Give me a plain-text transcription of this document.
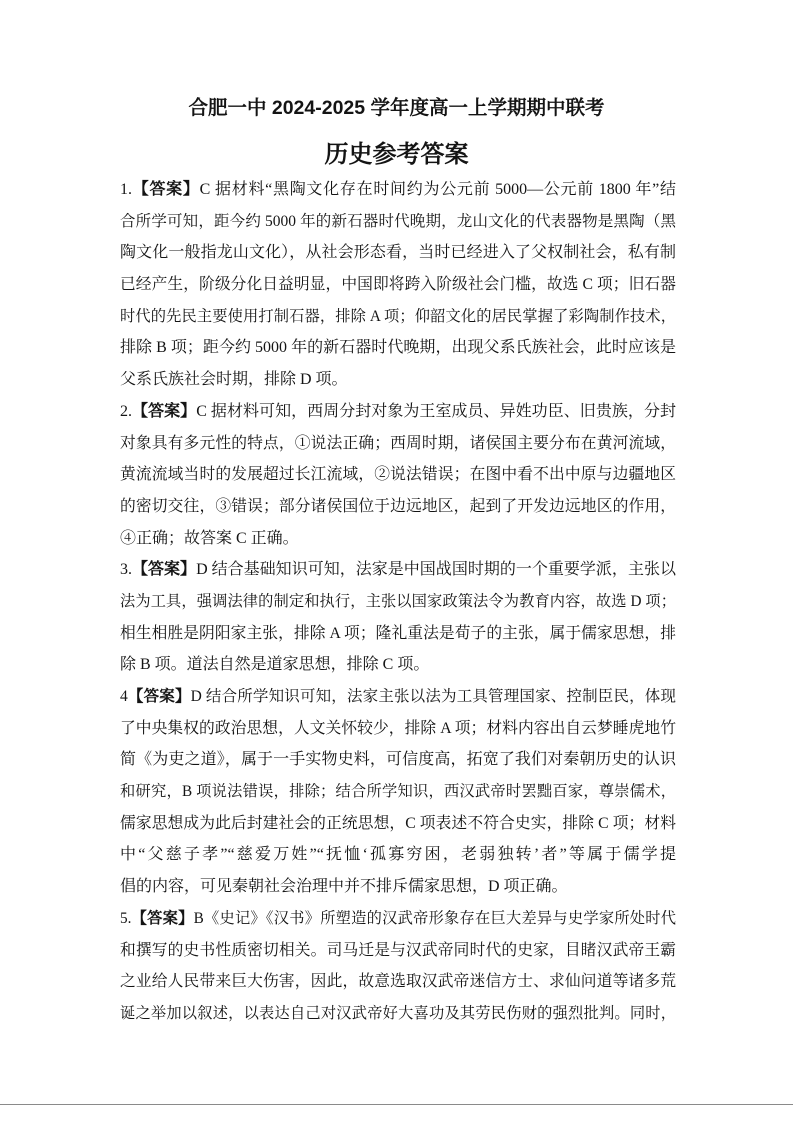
合肥一中 2024-2025 学年度高一上学期期中联考
历史参考答案
1.【答案】C 据材料“黑陶文化存在时间约为公元前 5000—公元前 1800 年”结
合所学可知，距今约 5000 年的新石器时代晚期，龙山文化的代表器物是黑陶（黑
陶文化一般指龙山文化），从社会形态看，当时已经进入了父权制社会，私有制
已经产生，阶级分化日益明显，中国即将跨入阶级社会门槛，故选 C 项；旧石器
时代的先民主要使用打制石器，排除 A 项；仰韶文化的居民掌握了彩陶制作技术，
排除 B 项；距今约 5000 年的新石器时代晚期，出现父系氏族社会，此时应该是
父系氏族社会时期，排除 D 项。
2.【答案】C 据材料可知，西周分封对象为王室成员、异姓功臣、旧贵族，分封
对象具有多元性的特点，①说法正确；西周时期，诸侯国主要分布在黄河流域，
黄流流域当时的发展超过长江流域，②说法错误；在图中看不出中原与边疆地区
的密切交往，③错误；部分诸侯国位于边远地区，起到了开发边远地区的作用，
④正确；故答案 C 正确。
3.【答案】D 结合基础知识可知，法家是中国战国时期的一个重要学派，主张以
法为工具，强调法律的制定和执行，主张以国家政策法令为教育内容，故选 D 项；
相生相胜是阴阳家主张，排除 A 项；隆礼重法是荀子的主张，属于儒家思想，排
除 B 项。道法自然是道家思想，排除 C 项。
4【答案】D 结合所学知识可知，法家主张以法为工具管理国家、控制臣民，体现
了中央集权的政治思想，人文关怀较少，排除 A 项；材料内容出自云梦睡虎地竹
简《为吏之道》，属于一手实物史料，可信度高，拓宽了我们对秦朝历史的认识
和研究，B 项说法错误，排除；结合所学知识，西汉武帝时罢黜百家，尊崇儒术，
儒家思想成为此后封建社会的正统思想，C 项表述不符合史实，排除 C 项；材料
中“父慈子孝”“慈爱万姓”“抚恤‘孤寡穷困，老弱独转’者”等属于儒学提
倡的内容，可见秦朝社会治理中并不排斥儒家思想，D 项正确。
5.【答案】B《史记》《汉书》所塑造的汉武帝形象存在巨大差异与史学家所处时代
和撰写的史书性质密切相关。司马迁是与汉武帝同时代的史家，目睹汉武帝王霸
之业给人民带来巨大伤害，因此，故意选取汉武帝迷信方士、求仙问道等诸多荒
诞之举加以叙述，以表达自己对汉武帝好大喜功及其劳民伤财的强烈批判。同时，
